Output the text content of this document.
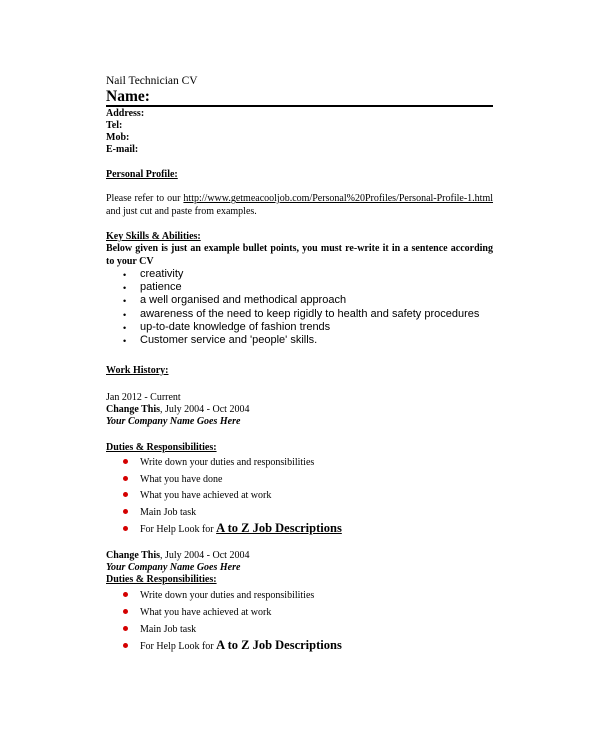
Nail Technician CV
Name:
Address:
Tel:
Mob:
E-mail:
Personal Profile:
Please refer to our http://www.getmeacooljob.com/Personal%20Profiles/Personal-Profile-1.html and just cut and paste from examples.
Key Skills & Abilities:
Below given is just an example bullet points, you must re-write it in a sentence according to your CV
• creativity
• patience
• a well organised and methodical approach
• awareness of the need to keep rigidly to health and safety procedures
• up-to-date knowledge of fashion trends
• Customer service and 'people' skills.
Work History:
Jan 2012 - Current
Change This, July 2004 - Oct 2004
Your Company Name Goes Here
Duties & Responsibilities:
Write down your duties and responsibilities
What you have done
What you have achieved at work
Main Job task
For Help Look for A to Z Job Descriptions
Change This, July 2004 - Oct 2004
Your Company Name Goes Here
Duties & Responsibilities:
Write down your duties and responsibilities
What you have achieved at work
Main Job task
For Help Look for A to Z Job Descriptions
